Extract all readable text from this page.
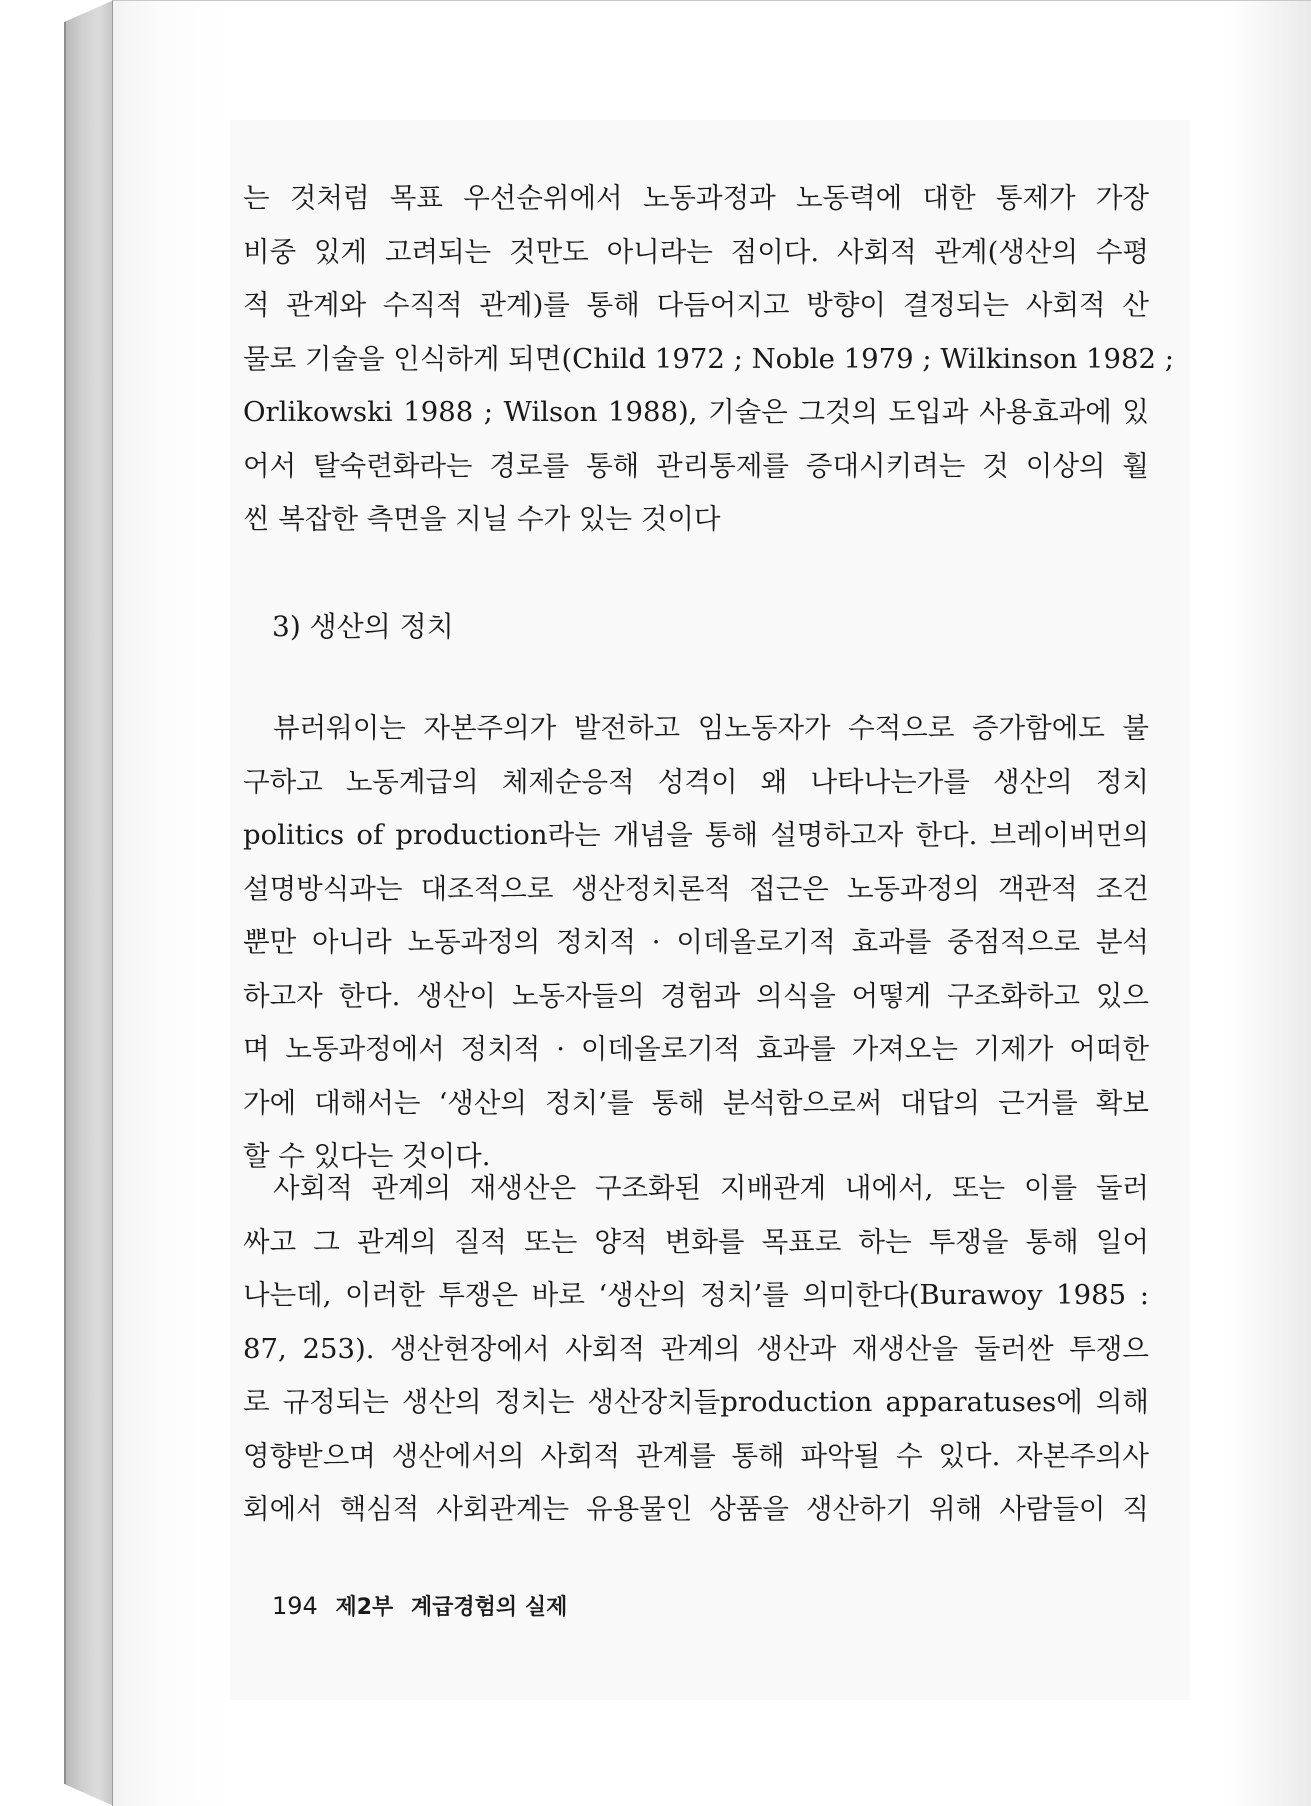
는 것처럼 목표 우선순위에서 노동과정과 노동력에 대한 통제가 가장
비중 있게 고려되는 것만도 아니라는 점이다. 사회적 관계(생산의 수평
적 관계와 수직적 관계)를 통해 다듬어지고 방향이 결정되는 사회적 산
물로 기술을 인식하게 되면(Child 1972 ; Noble 1979 ; Wilkinson 1982 ;
Orlikowski 1988 ; Wilson 1988), 기술은 그것의 도입과 사용효과에 있
어서 탈숙련화라는 경로를 통해 관리통제를 증대시키려는 것 이상의 훨
씬 복잡한 측면을 지닐 수가 있는 것이다
3) 생산의 정치
뷰러워이는 자본주의가 발전하고 임노동자가 수적으로 증가함에도 불
구하고 노동계급의 체제순응적 성격이 왜 나타나는가를 생산의 정치
politics of production라는 개념을 통해 설명하고자 한다. 브레이버먼의
설명방식과는 대조적으로 생산정치론적 접근은 노동과정의 객관적 조건
뿐만 아니라 노동과정의 정치적 · 이데올로기적 효과를 중점적으로 분석
하고자 한다. 생산이 노동자들의 경험과 의식을 어떻게 구조화하고 있으
며 노동과정에서 정치적 · 이데올로기적 효과를 가져오는 기제가 어떠한
가에 대해서는 ‘생산의 정치’를 통해 분석함으로써 대답의 근거를 확보
할 수 있다는 것이다.
사회적 관계의 재생산은 구조화된 지배관계 내에서, 또는 이를 둘러
싸고 그 관계의 질적 또는 양적 변화를 목표로 하는 투쟁을 통해 일어
나는데, 이러한 투쟁은 바로 ‘생산의 정치’를 의미한다(Burawoy 1985 :
87, 253). 생산현장에서 사회적 관계의 생산과 재생산을 둘러싼 투쟁으
로 규정되는 생산의 정치는 생산장치들production apparatuses에 의해
영향받으며 생산에서의 사회적 관계를 통해 파악될 수 있다. 자본주의사
회에서 핵심적 사회관계는 유용물인 상품을 생산하기 위해 사람들이 직
194 제2부 계급경험의 실제
